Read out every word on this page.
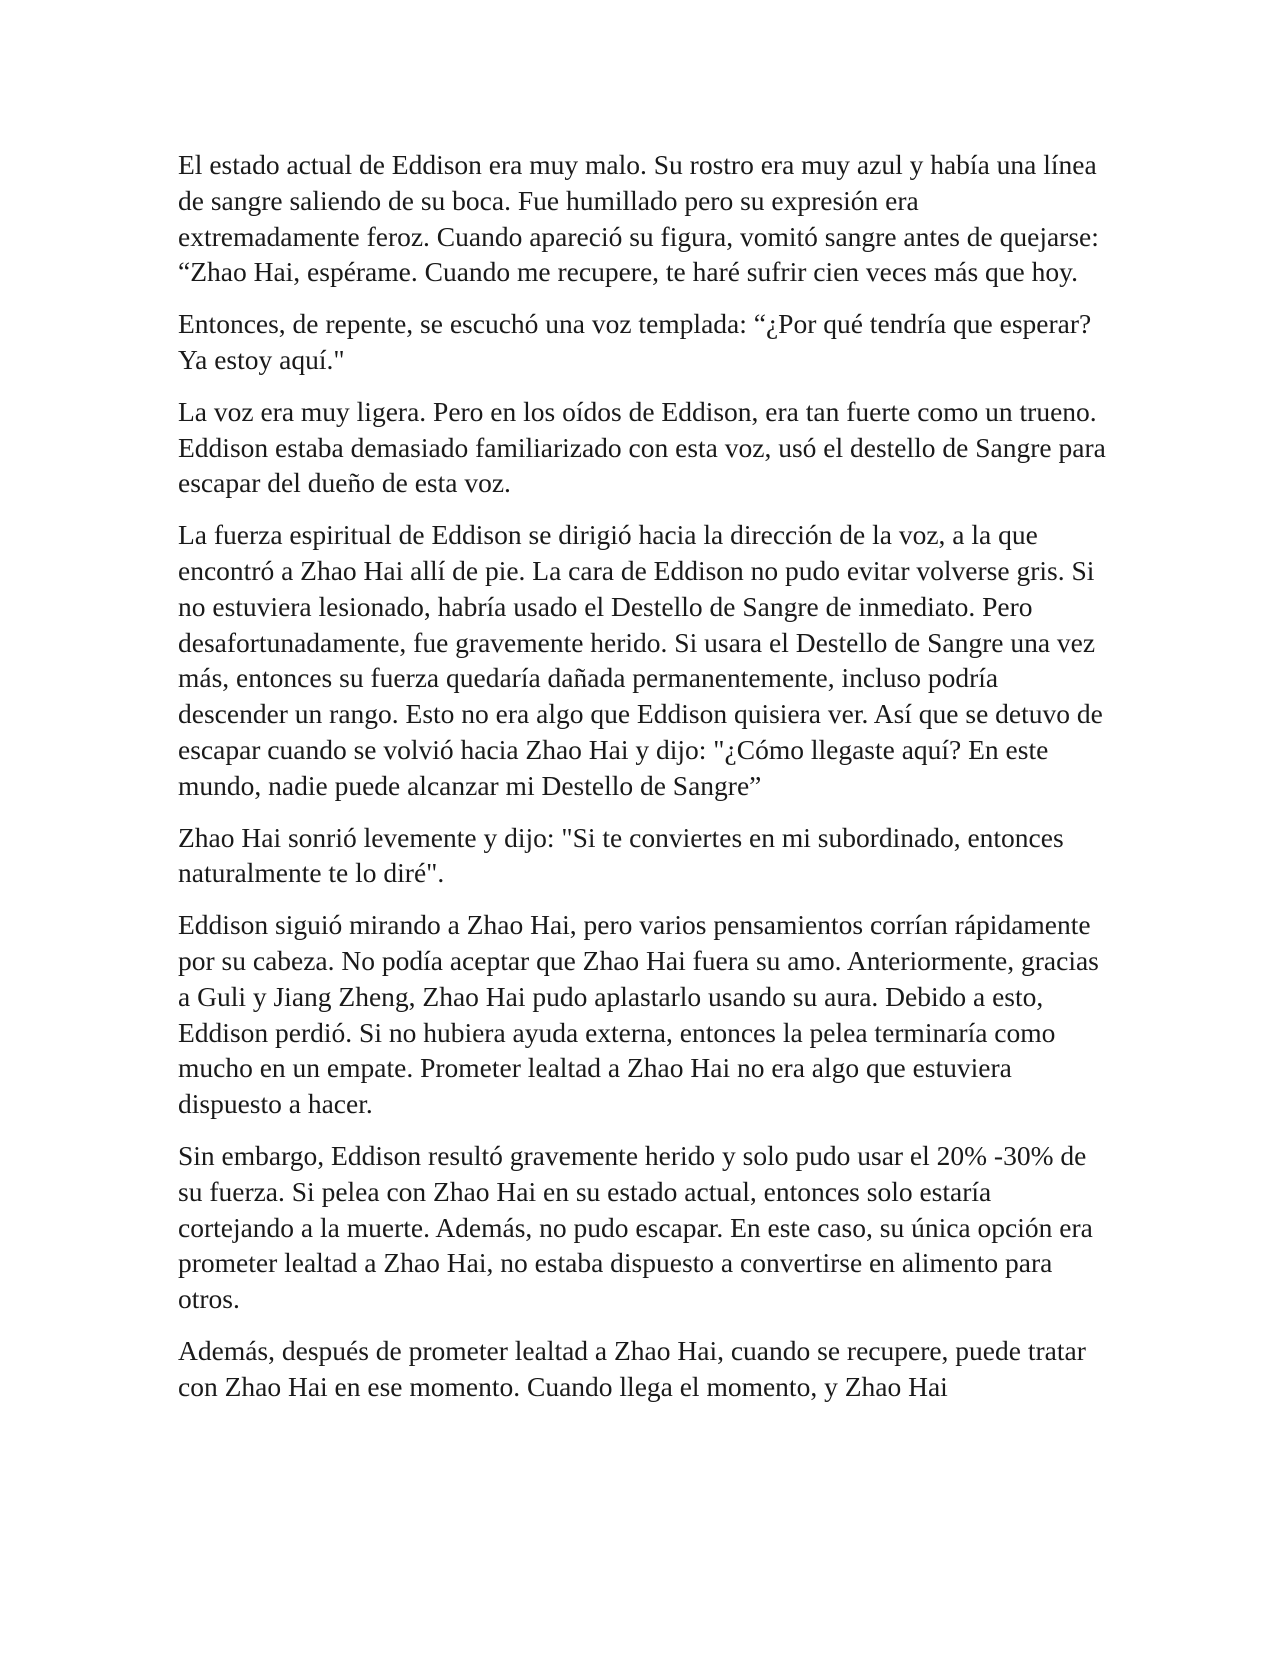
El estado actual de Eddison era muy malo. Su rostro era muy azul y había una línea de sangre saliendo de su boca. Fue humillado pero su expresión era extremadamente feroz. Cuando apareció su figura, vomitó sangre antes de quejarse: “Zhao Hai, espérame. Cuando me recupere, te haré sufrir cien veces más que hoy.

Entonces, de repente, se escuchó una voz templada: “¿Por qué tendría que esperar? Ya estoy aquí."

La voz era muy ligera. Pero en los oídos de Eddison, era tan fuerte como un trueno. Eddison estaba demasiado familiarizado con esta voz, usó el destello de Sangre para escapar del dueño de esta voz.

La fuerza espiritual de Eddison se dirigió hacia la dirección de la voz, a la que encontró a Zhao Hai allí de pie. La cara de Eddison no pudo evitar volverse gris. Si no estuviera lesionado, habría usado el Destello de Sangre de inmediato. Pero desafortunadamente, fue gravemente herido. Si usara el Destello de Sangre una vez más, entonces su fuerza quedaría dañada permanentemente, incluso podría descender un rango. Esto no era algo que Eddison quisiera ver. Así que se detuvo de escapar cuando se volvió hacia Zhao Hai y dijo: "¿Cómo llegaste aquí? En este mundo, nadie puede alcanzar mi Destello de Sangre”

Zhao Hai sonrió levemente y dijo: "Si te conviertes en mi subordinado, entonces naturalmente te lo diré".

Eddison siguió mirando a Zhao Hai, pero varios pensamientos corrían rápidamente por su cabeza. No podía aceptar que Zhao Hai fuera su amo. Anteriormente, gracias a Guli y Jiang Zheng, Zhao Hai pudo aplastarlo usando su aura. Debido a esto, Eddison perdió. Si no hubiera ayuda externa, entonces la pelea terminaría como mucho en un empate. Prometer lealtad a Zhao Hai no era algo que estuviera dispuesto a hacer.

Sin embargo, Eddison resultó gravemente herido y solo pudo usar el 20% -30% de su fuerza. Si pelea con Zhao Hai en su estado actual, entonces solo estaría cortejando a la muerte. Además, no pudo escapar. En este caso, su única opción era prometer lealtad a Zhao Hai, no estaba dispuesto a convertirse en alimento para otros.

Además, después de prometer lealtad a Zhao Hai, cuando se recupere, puede tratar con Zhao Hai en ese momento. Cuando llega el momento, y Zhao Hai
